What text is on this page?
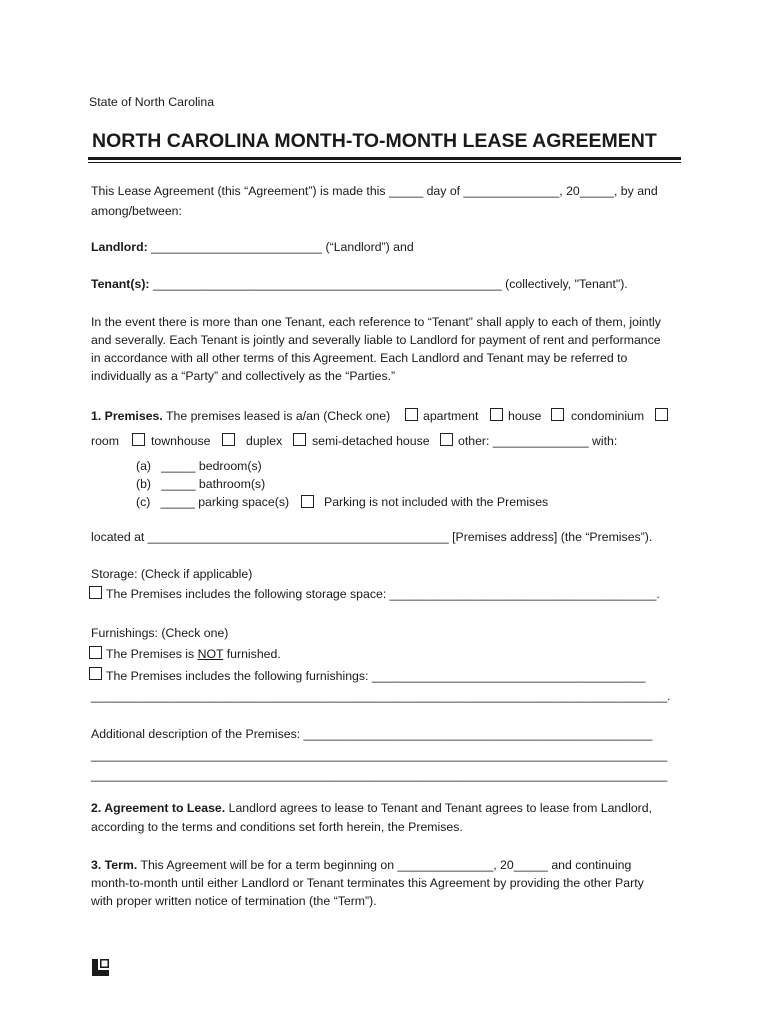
State of North Carolina
NORTH CAROLINA MONTH-TO-MONTH LEASE AGREEMENT
This Lease Agreement (this “Agreement”) is made this _____ day of ______________, 20_____, by and
among/between:
Landlord: _________________________ (“Landlord”) and
Tenant(s): ___________________________________________________ (collectively, "Tenant").
In the event there is more than one Tenant, each reference to “Tenant” shall apply to each of them, jointly
and severally. Each Tenant is jointly and severally liable to Landlord for payment of rent and performance
in accordance with all other terms of this Agreement. Each Landlord and Tenant may be referred to
individually as a “Party” and collectively as the “Parties.”
1. Premises. The premises leased is a/an (Check one)	apartment house condominium
room	townhouse	duplex semi-detached house other: ______________ with:
(a)   _____ bedroom(s)
(b)   _____ bathroom(s)
(c)   _____ parking space(s)	Parking is not included with the Premises
located at ____________________________________________ [Premises address] (the “Premises”).
Storage: (Check if applicable)
The Premises includes the following storage space: _______________________________________.
Furnishings: (Check one)
The Premises is NOT furnished.
The Premises includes the following furnishings: ________________________________________
_____________________________________________________________________________________.
Additional description of the Premises: ___________________________________________________
_____________________________________________________________________________________
_____________________________________________________________________________________
2. Agreement to Lease. Landlord agrees to lease to Tenant and Tenant agrees to lease from Landlord,
according to the terms and conditions set forth herein, the Premises.
3. Term. This Agreement will be for a term beginning on ______________, 20_____ and continuing
month-to-month until either Landlord or Tenant terminates this Agreement by providing the other Party
with proper written notice of termination (the “Term”).
